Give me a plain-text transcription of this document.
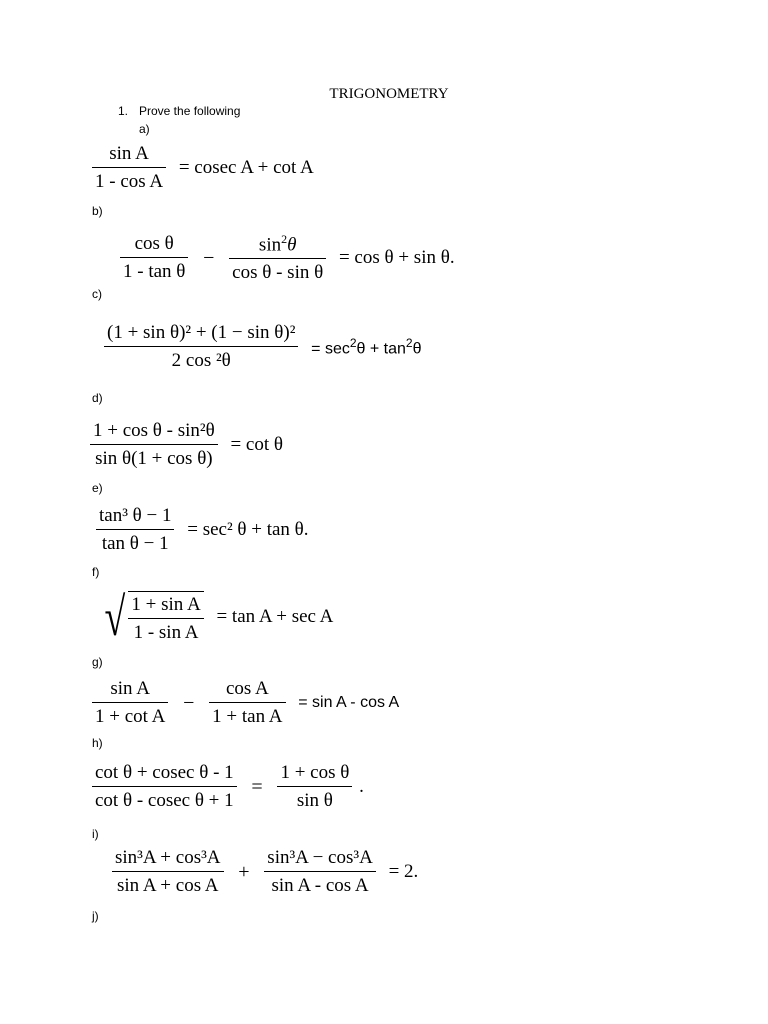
TRIGONOMETRY
1. Prove the following
a)
$\frac{\text{sin A}}{\text{1 - cos A}} = cosec$ A + cot A
b)
$\frac{\text{cos θ}}{\text{1 - tan θ}} - \frac{\sin^2\theta}{\text{cos θ - sin θ}} = \cos \theta + \sin \theta$.
c)
$\frac{\text{(1 + sin θ)² + (1 − sin θ)²}}{\text{2 cos ²θ}} = \sec^2\theta + \tan^2\theta$
d)
$\frac{\text{1 + cos θ - sin²θ}}{\text{sin θ(1 + cos θ)}} = \cot \theta$
e)
$\frac{\text{tan³ θ − 1}}{\text{tan θ − 1}} = \sec^2$ θ + tan θ.
f)
√ $\frac{\text{1 + sin A}}{\text{1 - sin A}} = \tan A + \sec A$
g)
$\frac{\text{sin A}}{\text{1 + cot A}} - \frac{\text{cos A}}{\text{1 + tan A}} = \sin A - \cos A$
h)
$\frac{\text{cot θ + cosec θ - 1}}{\text{cot θ - cosec θ + 1}} = \frac{\text{1 + cos θ}}{\text{sin θ}}$ .
i)
$\frac{\text{sin³A + cos³A}}{\text{sin A + cos A}} + \frac{\text{sin³A − cos³A}}{\text{sin A - cos A}} = 2$.
j)
